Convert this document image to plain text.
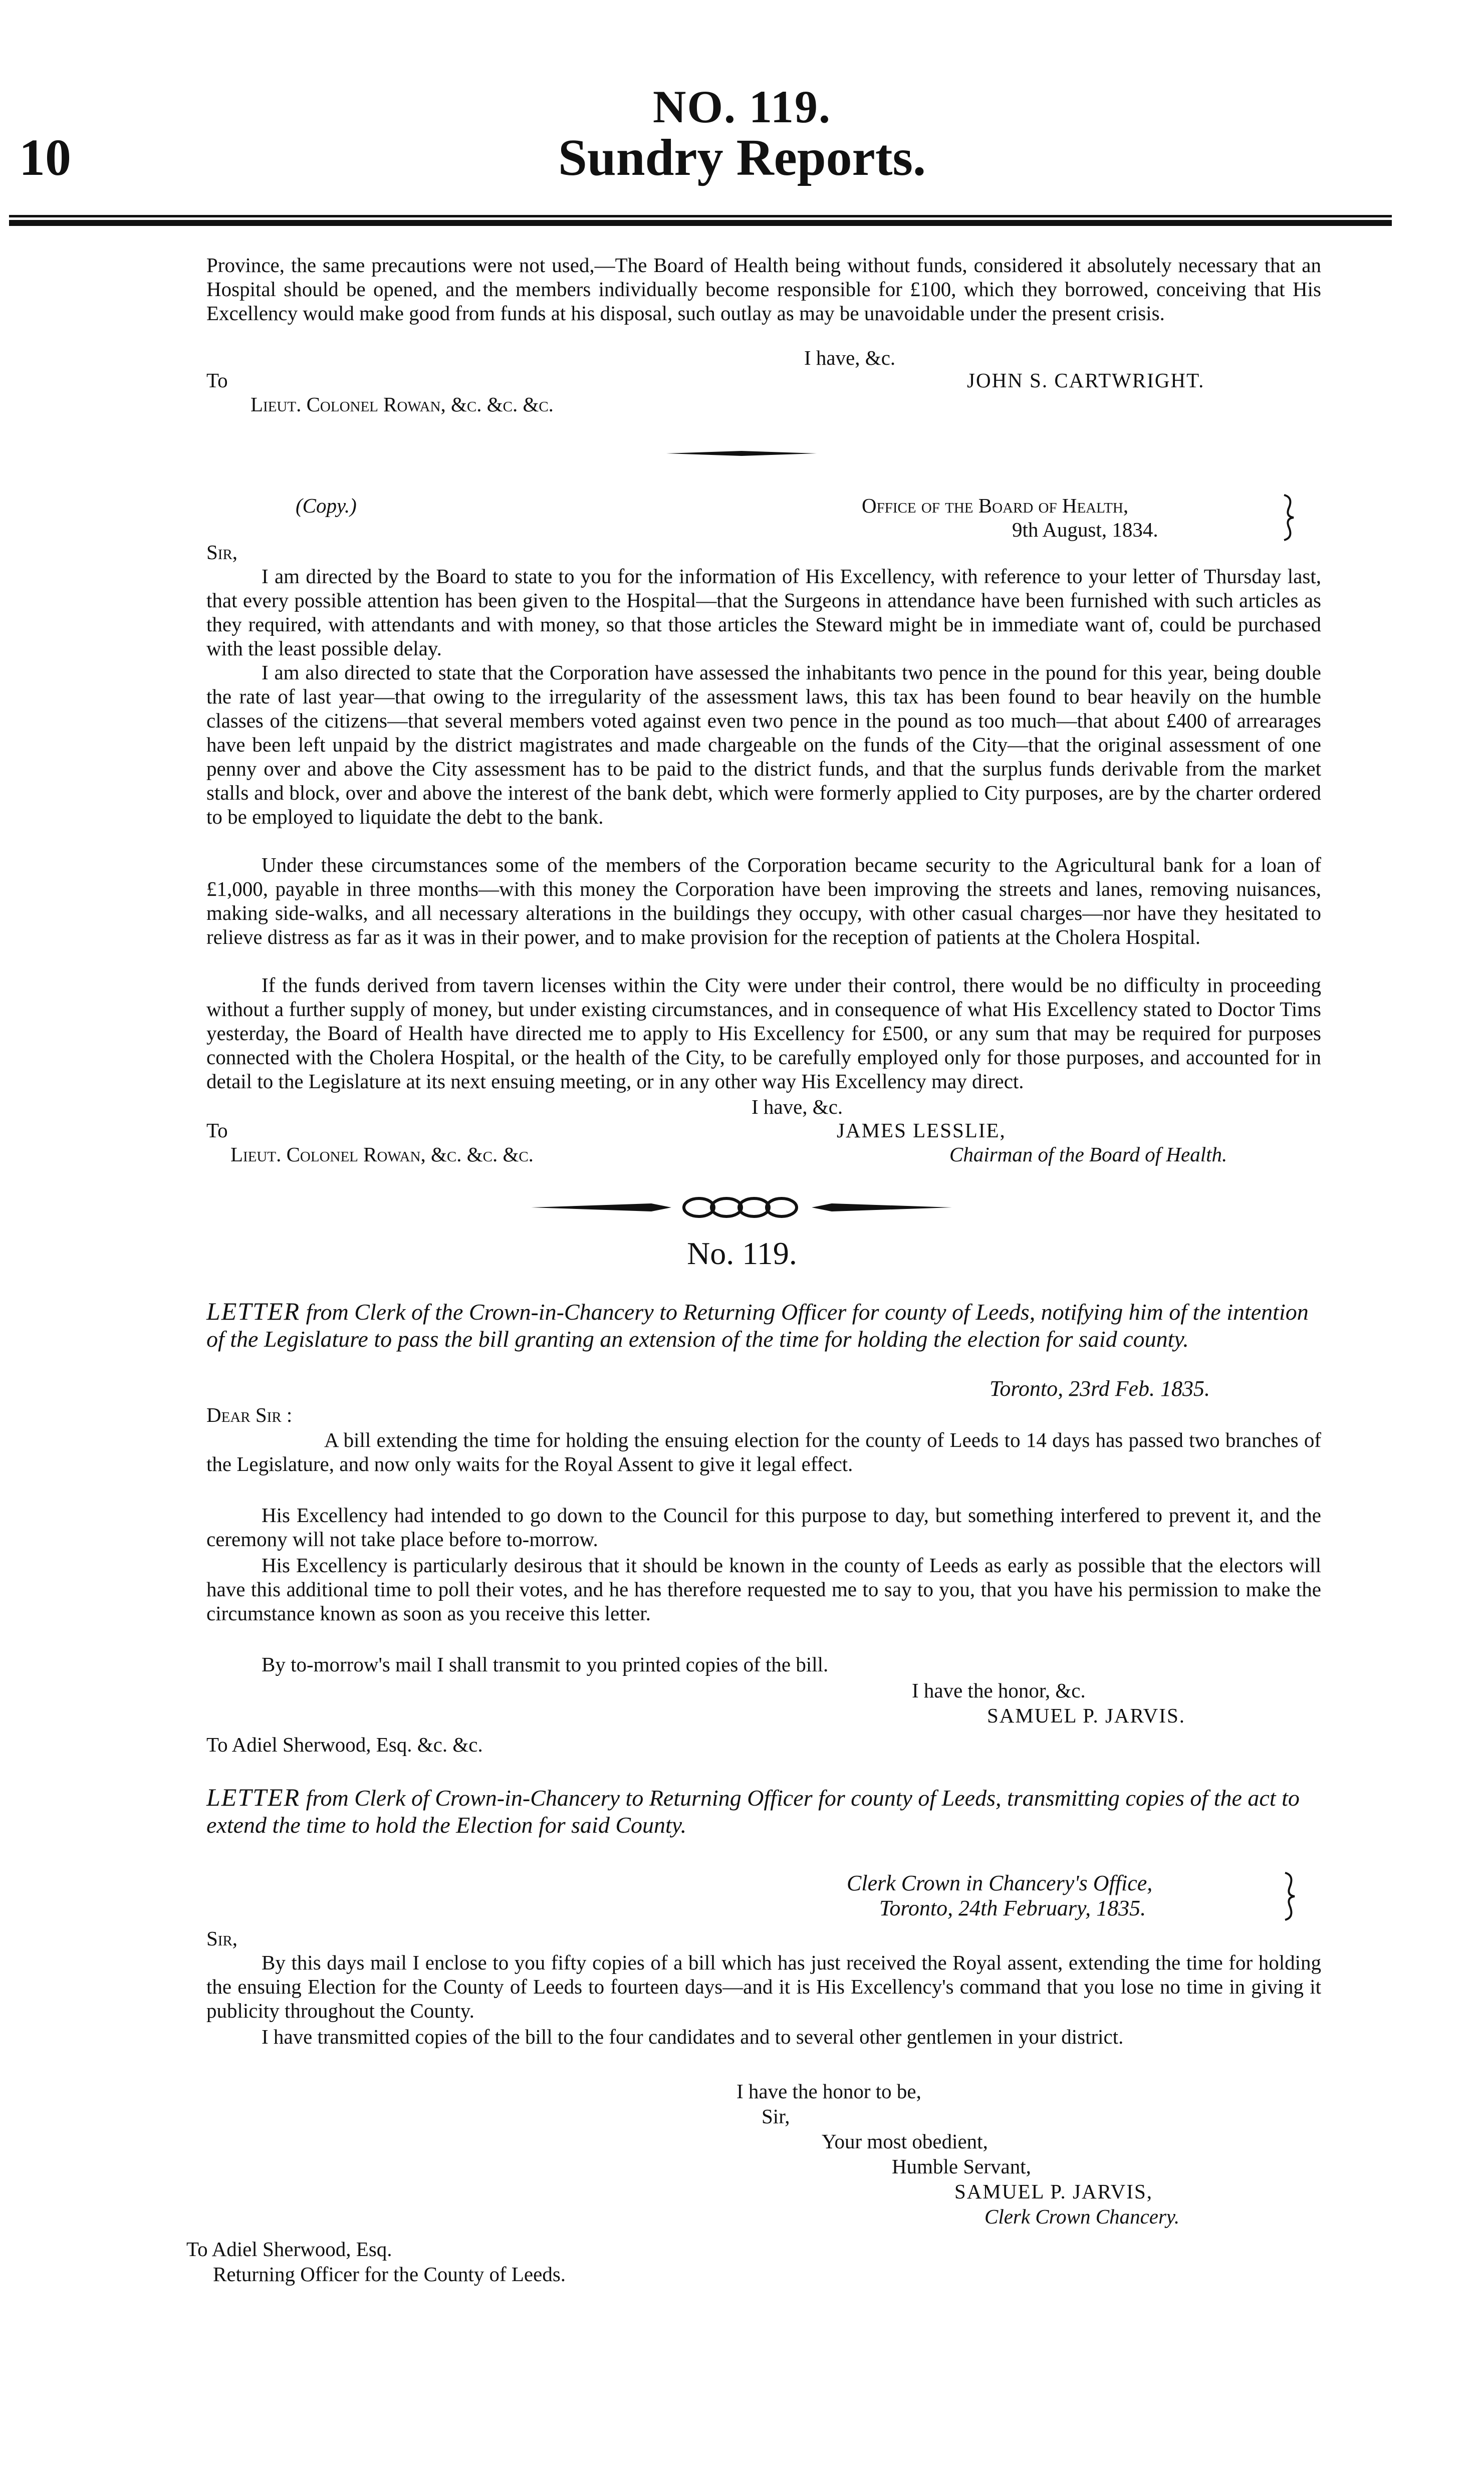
10
NO. 119.
Sundry Reports.

Province, the same precautions were not used,—The Board of Health being without funds, considered it absolutely necessary that an Hospital should be opened, and the members individually become responsible for £100, which they borrowed, conceiving that His Excellency would make good from funds at his disposal, such outlay as may be unavoidable under the present crisis.

I have, &c.
To	JOHN S. CARTWRIGHT.
Lieut. Colonel Rowan, &c. &c. &c.
(Copy.)	Office of the Board of Health,
9th August, 1834.
Sir,

I am directed by the Board to state to you for the information of His Excellency, with reference to your letter of Thursday last, that every possible attention has been given to the Hospital—that the Surgeons in attendance have been furnished with such articles as they required, with attendants and with money, so that those articles the Steward might be in immediate want of, could be purchased with the least possible delay.

I am also directed to state that the Corporation have assessed the inhabitants two pence in the pound for this year, being double the rate of last year—that owing to the irregularity of the assessment laws, this tax has been found to bear heavily on the humble classes of the citizens—that several members voted against even two pence in the pound as too much—that about £400 of arrearages have been left unpaid by the district magistrates and made chargeable on the funds of the City—that the original assessment of one penny over and above the City assessment has to be paid to the district funds, and that the surplus funds derivable from the market stalls and block, over and above the interest of the bank debt, which were formerly applied to City purposes, are by the charter ordered to be employed to liquidate the debt to the bank.

Under these circumstances some of the members of the Corporation became security to the Agricultural bank for a loan of £1,000, payable in three months—with this money the Corporation have been improving the streets and lanes, removing nuisances, making side-walks, and all necessary alterations in the buildings they occupy, with other casual charges—nor have they hesitated to relieve distress as far as it was in their power, and to make provision for the reception of patients at the Cholera Hospital.

If the funds derived from tavern licenses within the City were under their control, there would be no difficulty in proceeding without a further supply of money, but under existing circumstances, and in consequence of what His Excellency stated to Doctor Tims yesterday, the Board of Health have directed me to apply to His Excellency for £500, or any sum that may be required for purposes connected with the Cholera Hospital, or the health of the City, to be carefully employed only for those purposes, and accounted for in detail to the Legislature at its next ensuing meeting, or in any other way His Excellency may direct.

I have, &c.
To	JAMES LESSLIE,
Lieut. Colonel Rowan, &c. &c. &c.	Chairman of the Board of Health.
No. 119.

LETTER from Clerk of the Crown-in-Chancery to Returning Officer for county of Leeds, notifying him of the intention of the Legislature to pass the bill granting an extension of the time for holding the election for said county.

Toronto, 23rd Feb. 1835.
Dear Sir :

A bill extending the time for holding the ensuing election for the county of Leeds to 14 days has passed two branches of the Legislature, and now only waits for the Royal Assent to give it legal effect.

His Excellency had intended to go down to the Council for this purpose to day, but something interfered to prevent it, and the ceremony will not take place before to-morrow.

His Excellency is particularly desirous that it should be known in the county of Leeds as early as possible that the electors will have this additional time to poll their votes, and he has therefore requested me to say to you, that you have his permission to make the circumstance known as soon as you receive this letter.

By to-morrow's mail I shall transmit to you printed copies of the bill.

I have the honor, &c.
SAMUEL P. JARVIS.
To Adiel Sherwood, Esq. &c. &c.

LETTER from Clerk of Crown-in-Chancery to Returning Officer for county of Leeds, transmitting copies of the act to extend the time to hold the Election for said County.

Clerk Crown in Chancery's Office,
Toronto, 24th February, 1835.
Sir,

By this days mail I enclose to you fifty copies of a bill which has just received the Royal assent, extending the time for holding the ensuing Election for the County of Leeds to fourteen days—and it is His Excellency's command that you lose no time in giving it publicity throughout the County.

I have transmitted copies of the bill to the four candidates and to several other gentlemen in your district.

I have the honor to be,
Sir,
Your most obedient,
Humble Servant,
SAMUEL P. JARVIS,
Clerk Crown Chancery.
To Adiel Sherwood, Esq.
Returning Officer for the County of Leeds.
